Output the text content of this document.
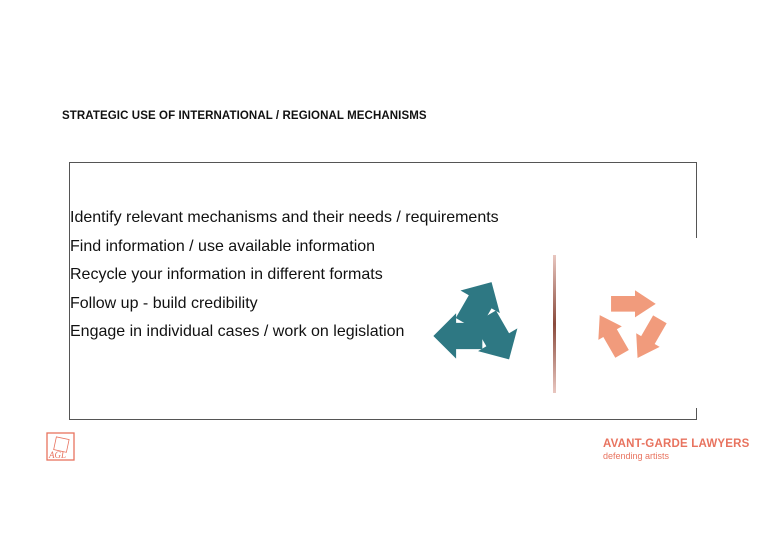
STRATEGIC USE OF INTERNATIONAL / REGIONAL MECHANISMS
Identify relevant mechanisms and their needs / requirements
Find information / use available information
Recycle your information in different formats
Follow up - build credibility
Engage in individual cases / work on legislation
AGL
AVANT-GARDE LAWYERS
defending artists
